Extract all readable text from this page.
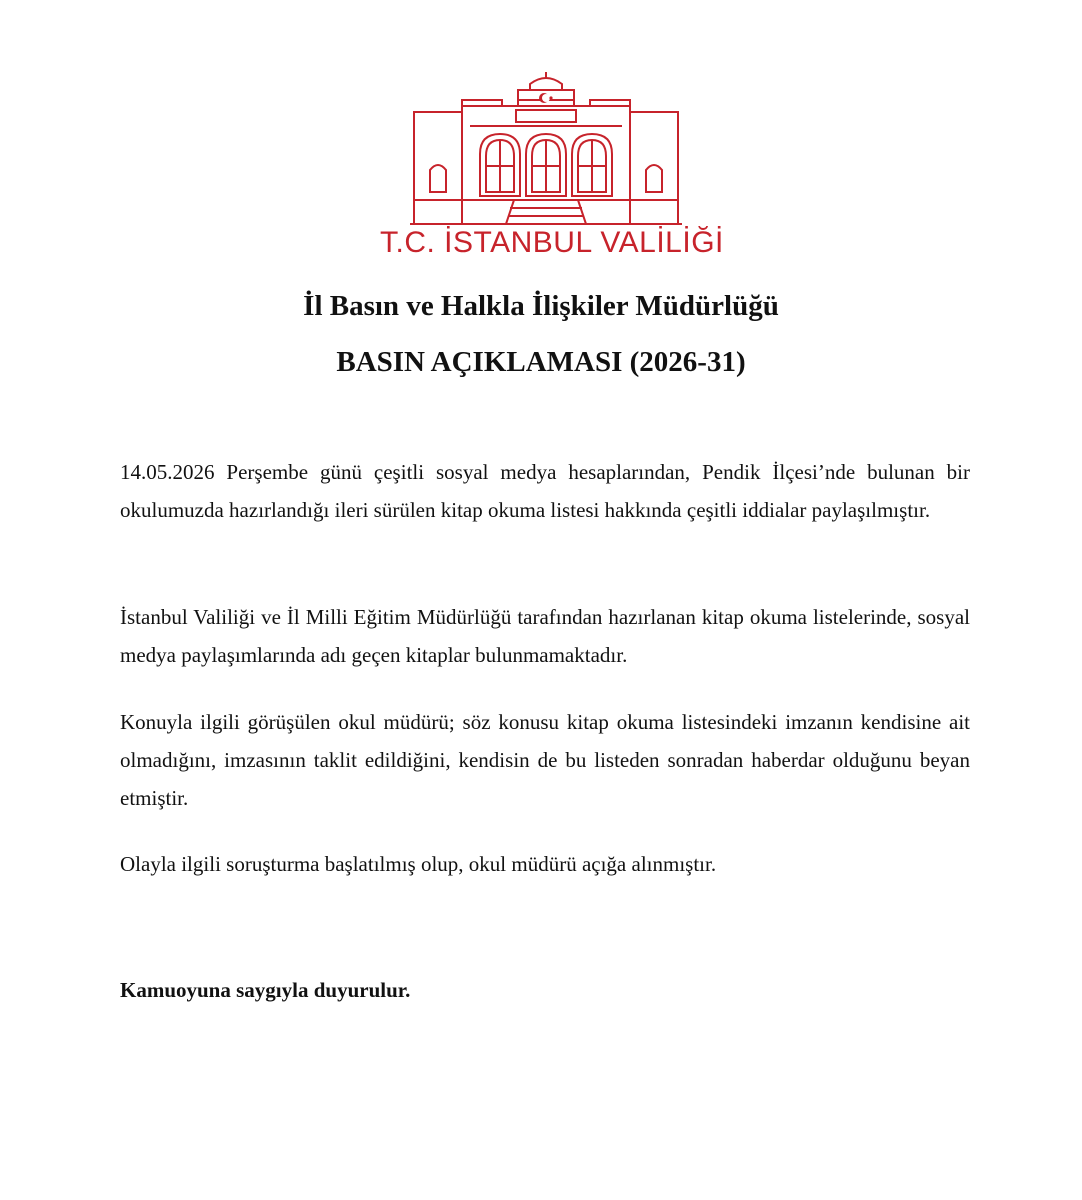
T.C. İSTANBUL VALİLİĞİ
İl Basın ve Halkla İlişkiler Müdürlüğü
BASIN AÇIKLAMASI (2026-31)
14.05.2026 Perşembe günü çeşitli sosyal medya hesaplarından, Pendik İlçesi’nde bulunan bir okulumuzda hazırlandığı ileri sürülen kitap okuma listesi hakkında çeşitli iddialar paylaşılmıştır.
İstanbul Valiliği ve İl Milli Eğitim Müdürlüğü tarafından hazırlanan kitap okuma listelerinde, sosyal medya paylaşımlarında adı geçen kitaplar bulunmamaktadır.
Konuyla ilgili görüşülen okul müdürü; söz konusu kitap okuma listesindeki imzanın kendisine ait olmadığını, imzasının taklit edildiğini, kendisin de bu listeden sonradan haberdar olduğunu beyan etmiştir.
Olayla ilgili soruşturma başlatılmış olup, okul müdürü açığa alınmıştır.
Kamuoyuna saygıyla duyurulur.
